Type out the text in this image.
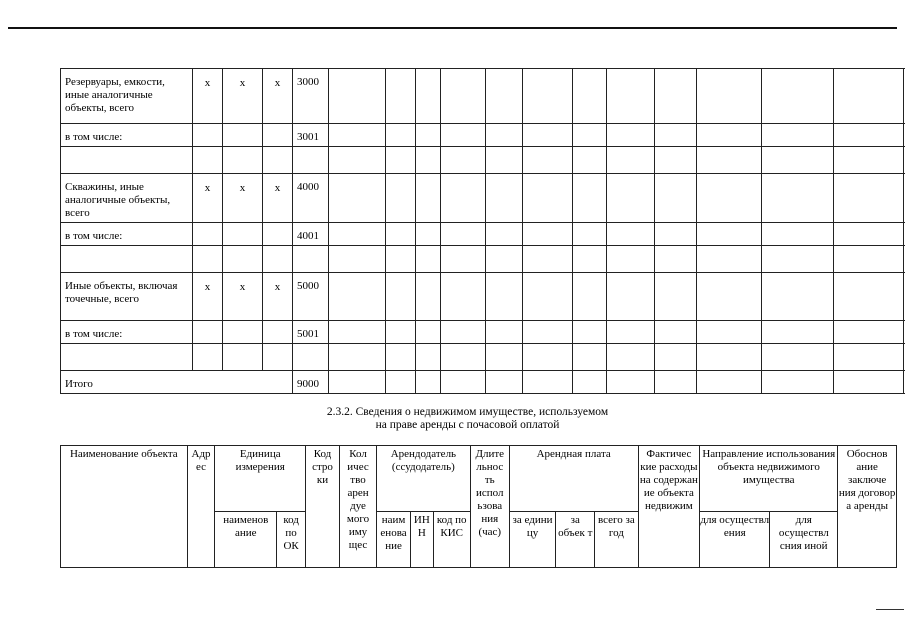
Резервуары, емкости, иные аналогичные объекты, всего	х	х	х	3000													
в том числе:				3001													

Скважины, иные аналогичные объекты, всего	х	х	х	4000													
в том числе:				4001													

Иные объекты, включая точечные, всего	х	х	х	5000													
в том числе:				5001													

Итого				9000													
2.3.2. Сведения о недвижимом имуществе, используемом
на праве аренды с почасовой оплатой
Наименование объекта	Адр ес	Единица измерения		Код стро ки	Кол ичес тво арен дуе мого иму щес	Арендодатель (ссудодатель)			Длите льнос ть испол ьзова ния (час)	Арендная плата			Фактичес кие расходы на содержан ие объекта недвижим	Направление использования объекта недвижимого имущества		Обоснов ание заключе ния договор а аренды
		наименов ание	код по ОК			наим енова ние	ИН Н	код по КИС		за едини цу	за объек т	всего за год		для осуществл ения	для осуществл сния иной	
